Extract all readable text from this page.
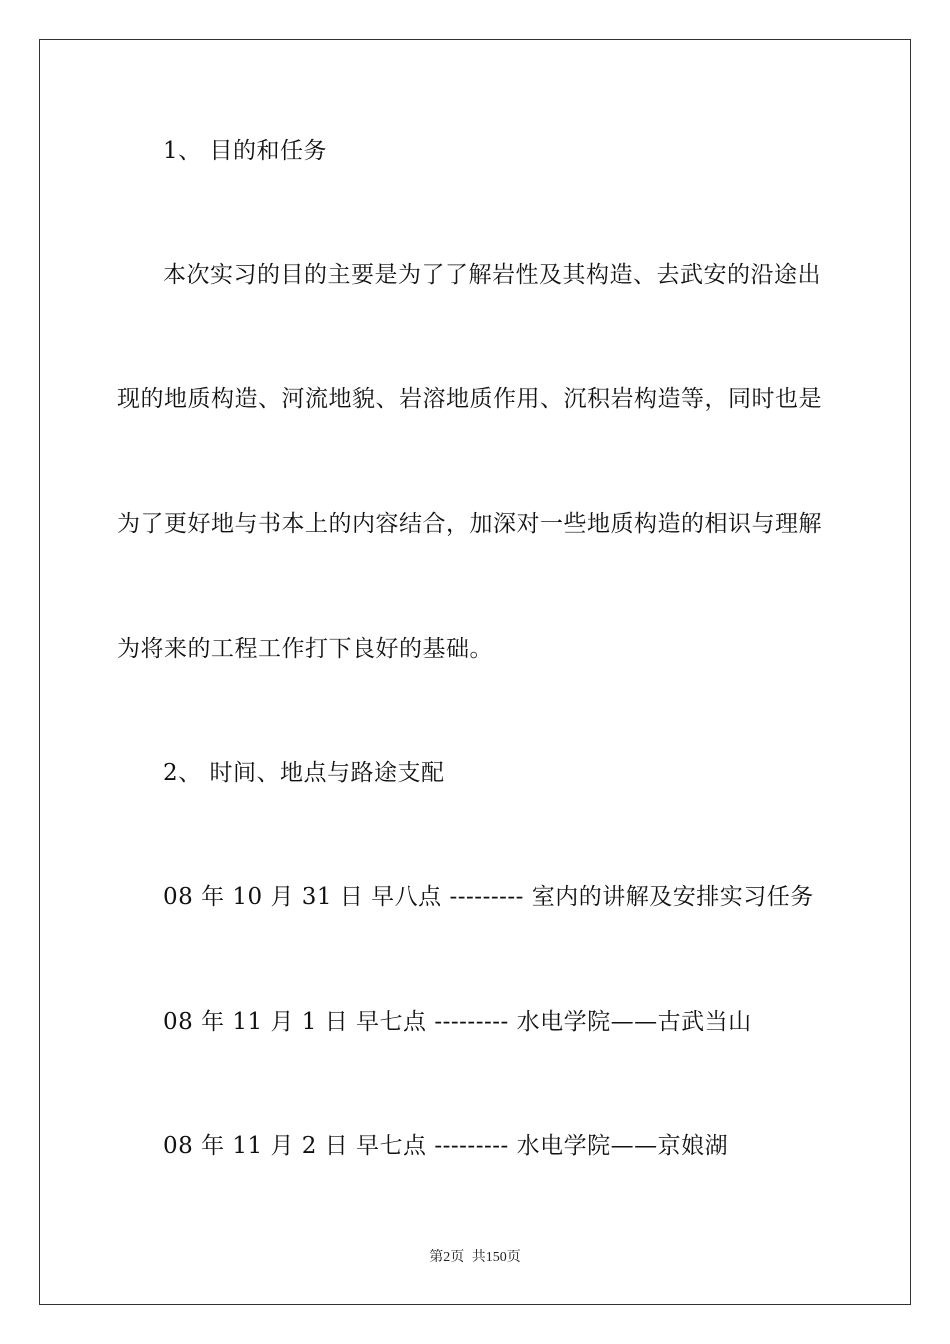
1、 目的和任务
本次实习的目的主要是为了了解岩性及其构造、去武安的沿途出
现的地质构造、河流地貌、岩溶地质作用、沉积岩构造等，同时也是
为了更好地与书本上的内容结合，加深对一些地质构造的相识与理解
为将来的工程工作打下良好的基础。
2、 时间、地点与路途支配
08 年 10 月 31 日 早八点 --------- 室内的讲解及安排实习任务
08 年 11 月 1 日 早七点 --------- 水电学院——古武当山
08 年 11 月 2 日 早七点 --------- 水电学院——京娘湖
第2页 共150页
